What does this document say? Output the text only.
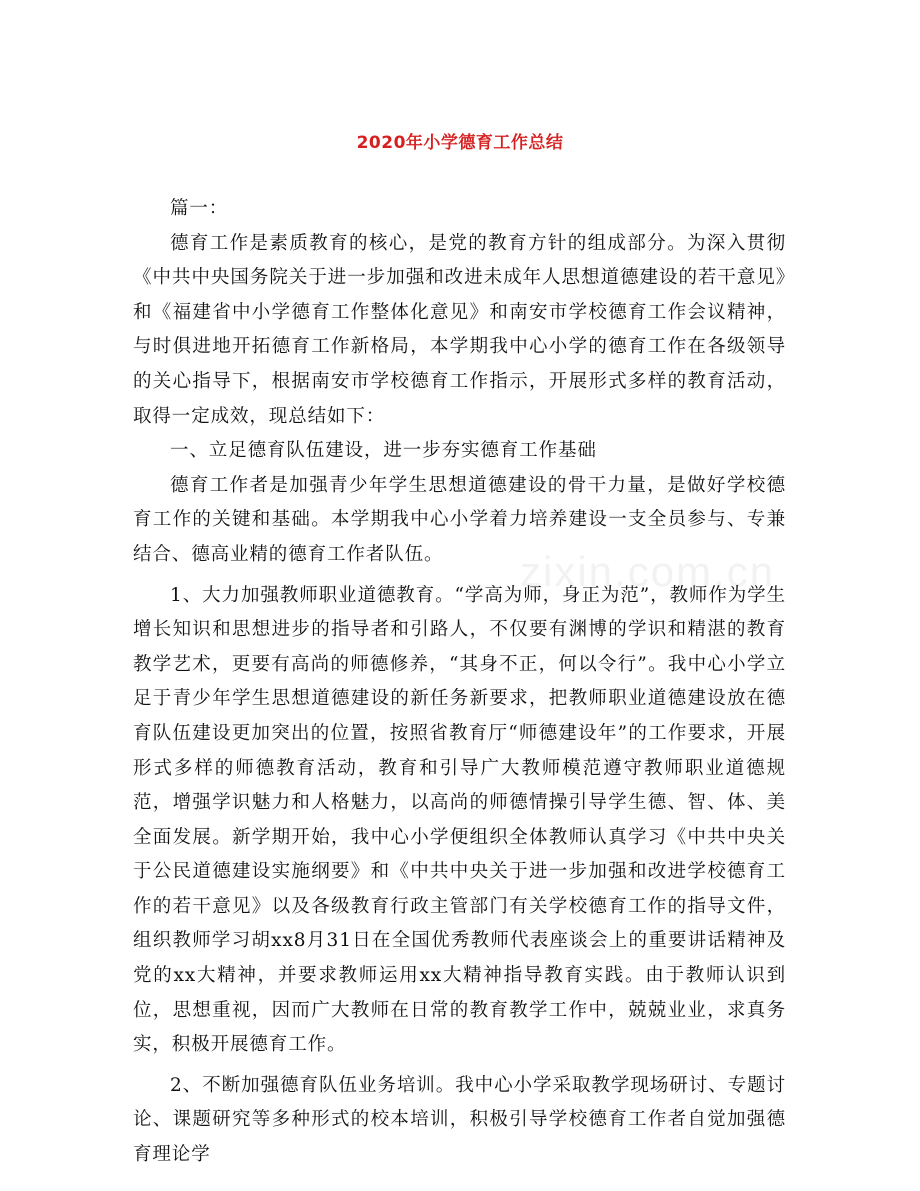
2020年小学德育工作总结
zixin.com.cn

篇一：

德育工作是素质教育的核心，是党的教育方针的组成部分。为深入贯彻《中共中央国务院关于进一步加强和改进未成年人思想道德建设的若干意见》和《福建省中小学德育工作整体化意见》和南安市学校德育工作会议精神，与时俱进地开拓德育工作新格局，本学期我中心小学的德育工作在各级领导的关心指导下，根据南安市学校德育工作指示，开展形式多样的教育活动，取得一定成效，现总结如下：

一、立足德育队伍建设，进一步夯实德育工作基础

德育工作者是加强青少年学生思想道德建设的骨干力量，是做好学校德育工作的关键和基础。本学期我中心小学着力培养建设一支全员参与、专兼结合、德高业精的德育工作者队伍。

1、大力加强教师职业道德教育。“学高为师，身正为范”，教师作为学生增长知识和思想进步的指导者和引路人，不仅要有渊博的学识和精湛的教育教学艺术，更要有高尚的师德修养，“其身不正，何以令行”。我中心小学立足于青少年学生思想道德建设的新任务新要求，把教师职业道德建设放在德育队伍建设更加突出的位置，按照省教育厅“师德建设年”的工作要求，开展形式多样的师德教育活动，教育和引导广大教师模范遵守教师职业道德规范，增强学识魅力和人格魅力，以高尚的师德情操引导学生德、智、体、美全面发展。新学期开始，我中心小学便组织全体教师认真学习《中共中央关于公民道德建设实施纲要》和《中共中央关于进一步加强和改进学校德育工作的若干意见》以及各级教育行政主管部门有关学校德育工作的指导文件，组织教师学习胡xx8月31日在全国优秀教师代表座谈会上的重要讲话精神及党的xx大精神，并要求教师运用xx大精神指导教育实践。由于教师认识到位，思想重视，因而广大教师在日常的教育教学工作中，兢兢业业，求真务实，积极开展德育工作。

2、不断加强德育队伍业务培训。我中心小学采取教学现场研讨、专题讨论、课题研究等多种形式的校本培训，积极引导学校德育工作者自觉加强德育理论学
